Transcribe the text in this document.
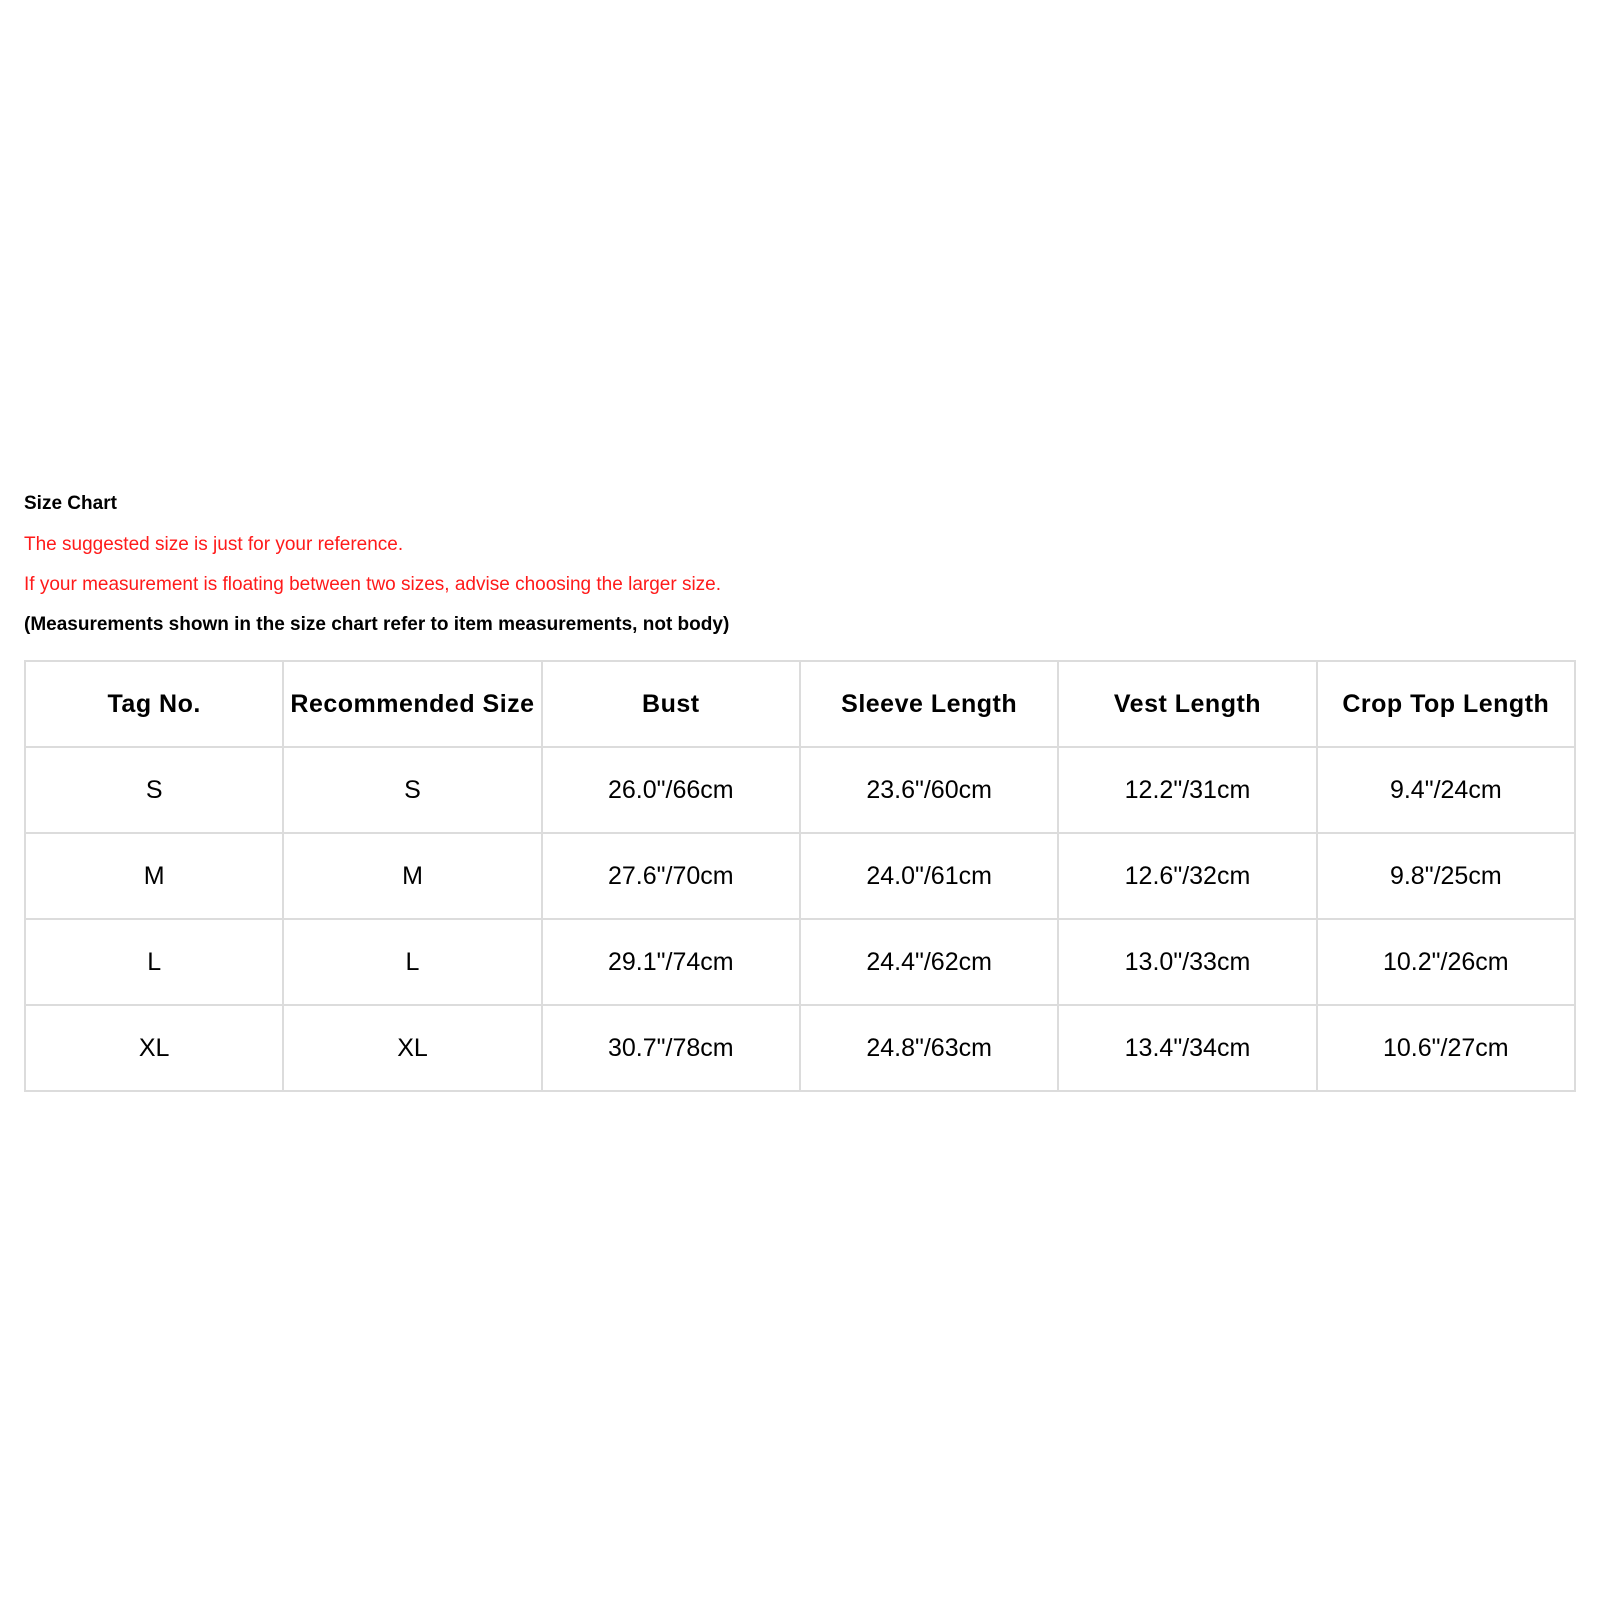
Size Chart

The suggested size is just for your reference.

If your measurement is floating between two sizes, advise choosing the larger size.

(Measurements shown in the size chart refer to item measurements, not body)

Tag No.	Recommended Size	Bust	Sleeve Length	Vest Length	Crop Top Length
S	S	26.0"/66cm	23.6"/60cm	12.2"/31cm	9.4"/24cm
M	M	27.6"/70cm	24.0"/61cm	12.6"/32cm	9.8"/25cm
L	L	29.1"/74cm	24.4"/62cm	13.0"/33cm	10.2"/26cm
XL	XL	30.7"/78cm	24.8"/63cm	13.4"/34cm	10.6"/27cm
